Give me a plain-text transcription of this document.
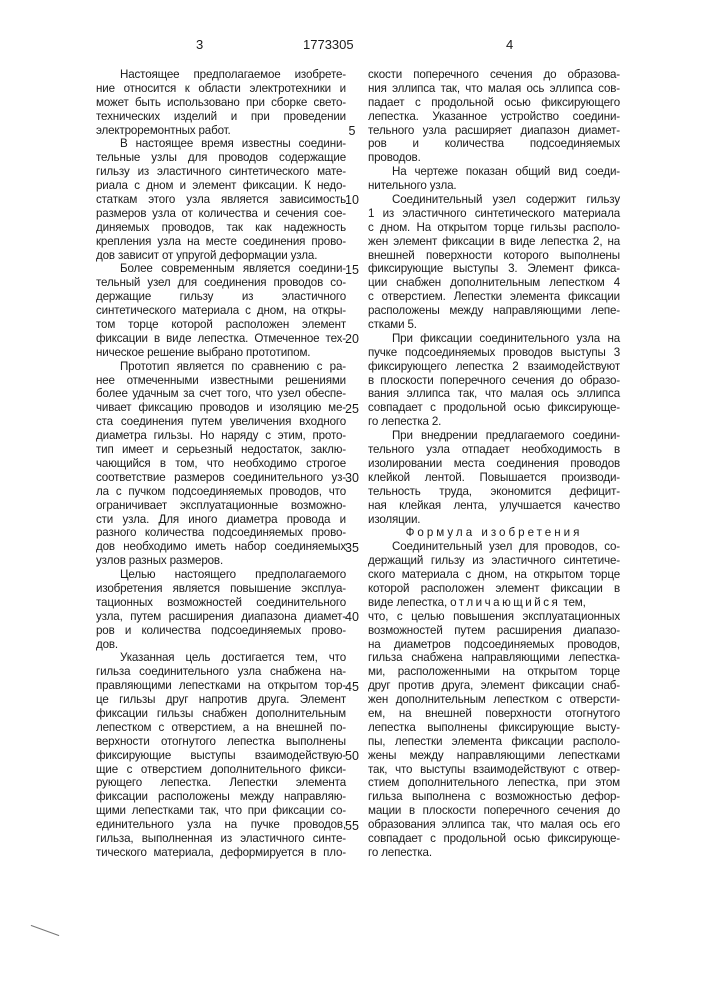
3	1773305	4
Настоящее предполагаемое изобрете-
ние относится к области электротехники и
может быть использовано при сборке свето-
технических изделий и при проведении
электроремонтных работ.
В настоящее время известны соедини-
тельные узлы для проводов содержащие
гильзу из эластичного синтетического мате-
риала с дном и элемент фиксации. К недо-
статкам этого узла является зависимость
размеров узла от количества и сечения сое-
диняемых проводов, так как надежность
крепления узла на месте соединения прово-
дов зависит от упругой деформации узла.
Более современным является соедини-
тельный узел для соединения проводов со-
держащие гильзу из эластичного
синтетического материала с дном, на откры-
том торце которой расположен элемент
фиксации в виде лепестка. Отмеченное тех-
ническое решение выбрано прототипом.
Прототип является по сравнению с ра-
нее отмеченными известными решениями
более удачным за счет того, что узел обеспе-
чивает фиксацию проводов и изоляцию ме-
ста соединения путем увеличения входного
диаметра гильзы. Но наряду с этим, прото-
тип имеет и серьезный недостаток, заклю-
чающийся в том, что необходимо строгое
соответствие размеров соединительного уз-
ла с пучком подсоединяемых проводов, что
ограничивает эксплуатационные возможно-
сти узла. Для иного диаметра провода и
разного количества подсоединяемых прово-
дов необходимо иметь набор соединяемых
узлов разных размеров.
Целью настоящего предполагаемого
изобретения является повышение эксплуа-
тационных возможностей соединительного
узла, путем расширения диапазона диамет-
ров и количества подсоединяемых прово-
дов.
Указанная цель достигается тем, что
гильза соединительного узла снабжена на-
правляющими лепестками на открытом тор-
це гильзы друг напротив друга. Элемент
фиксации гильзы снабжен дополнительным
лепестком с отверстием, а на внешней по-
верхности отогнутого лепестка выполнены
фиксирующие выступы взаимодействую-
щие с отверстием дополнительного фикси-
рующего лепестка. Лепестки элемента
фиксации расположены между направляю-
щими лепестками так, что при фиксации со-
единительного узла на пучке проводов,
гильза, выполненная из эластичного синте-
тического материала, деформируется в пло-
5
10
15
20
25
30
35
40
45
50
55
скости поперечного сечения до образова-
ния эллипса так, что малая ось эллипса сов-
падает с продольной осью фиксирующего
лепестка. Указанное устройство соедини-
тельного узла расширяет диапазон диамет-
ров и количества подсоединяемых
проводов.
На чертеже показан общий вид соеди-
нительного узла.
Соединительный узел содержит гильзу
1 из эластичного синтетического материала
с дном. На открытом торце гильзы располо-
жен элемент фиксации в виде лепестка 2, на
внешней поверхности которого выполнены
фиксирующие выступы 3. Элемент фикса-
ции снабжен дополнительным лепестком 4
с отверстием. Лепестки элемента фиксации
расположены между направляющими лепе-
стками 5.
При фиксации соединительного узла на
пучке подсоединяемых проводов выступы 3
фиксирующего лепестка 2 взаимодействуют
в плоскости поперечного сечения до образо-
вания эллипса так, что малая ось эллипса
совпадает с продольной осью фиксирующе-
го лепестка 2.
При внедрении предлагаемого соедини-
тельного узла отпадает необходимость в
изолировании места соединения проводов
клейкой лентой. Повышается производи-
тельность труда, экономится дефицит-
ная клейкая лента, улучшается качество
изоляции.
Формула изобретения
Соединительный узел для проводов, со-
держащий гильзу из эластичного синтетиче-
ского материала с дном, на открытом торце
которой расположен элемент фиксации в
виде лепестка, отличающийся тем,
что, с целью повышения эксплуатационных
возможностей путем расширения диапазо-
на диаметров подсоединяемых проводов,
гильза снабжена направляющими лепестка-
ми, расположенными на открытом торце
друг против друга, элемент фиксации снаб-
жен дополнительным лепестком с отверсти-
ем, на внешней поверхности отогнутого
лепестка выполнены фиксирующие высту-
пы, лепестки элемента фиксации располо-
жены между направляющими лепестками
так, что выступы взаимодействуют с отвер-
стием дополнительного лепестка, при этом
гильза выполнена с возможностью дефор-
мации в плоскости поперечного сечения до
образования эллипса так, что малая ось его
совпадает с продольной осью фиксирующе-
го лепестка.
